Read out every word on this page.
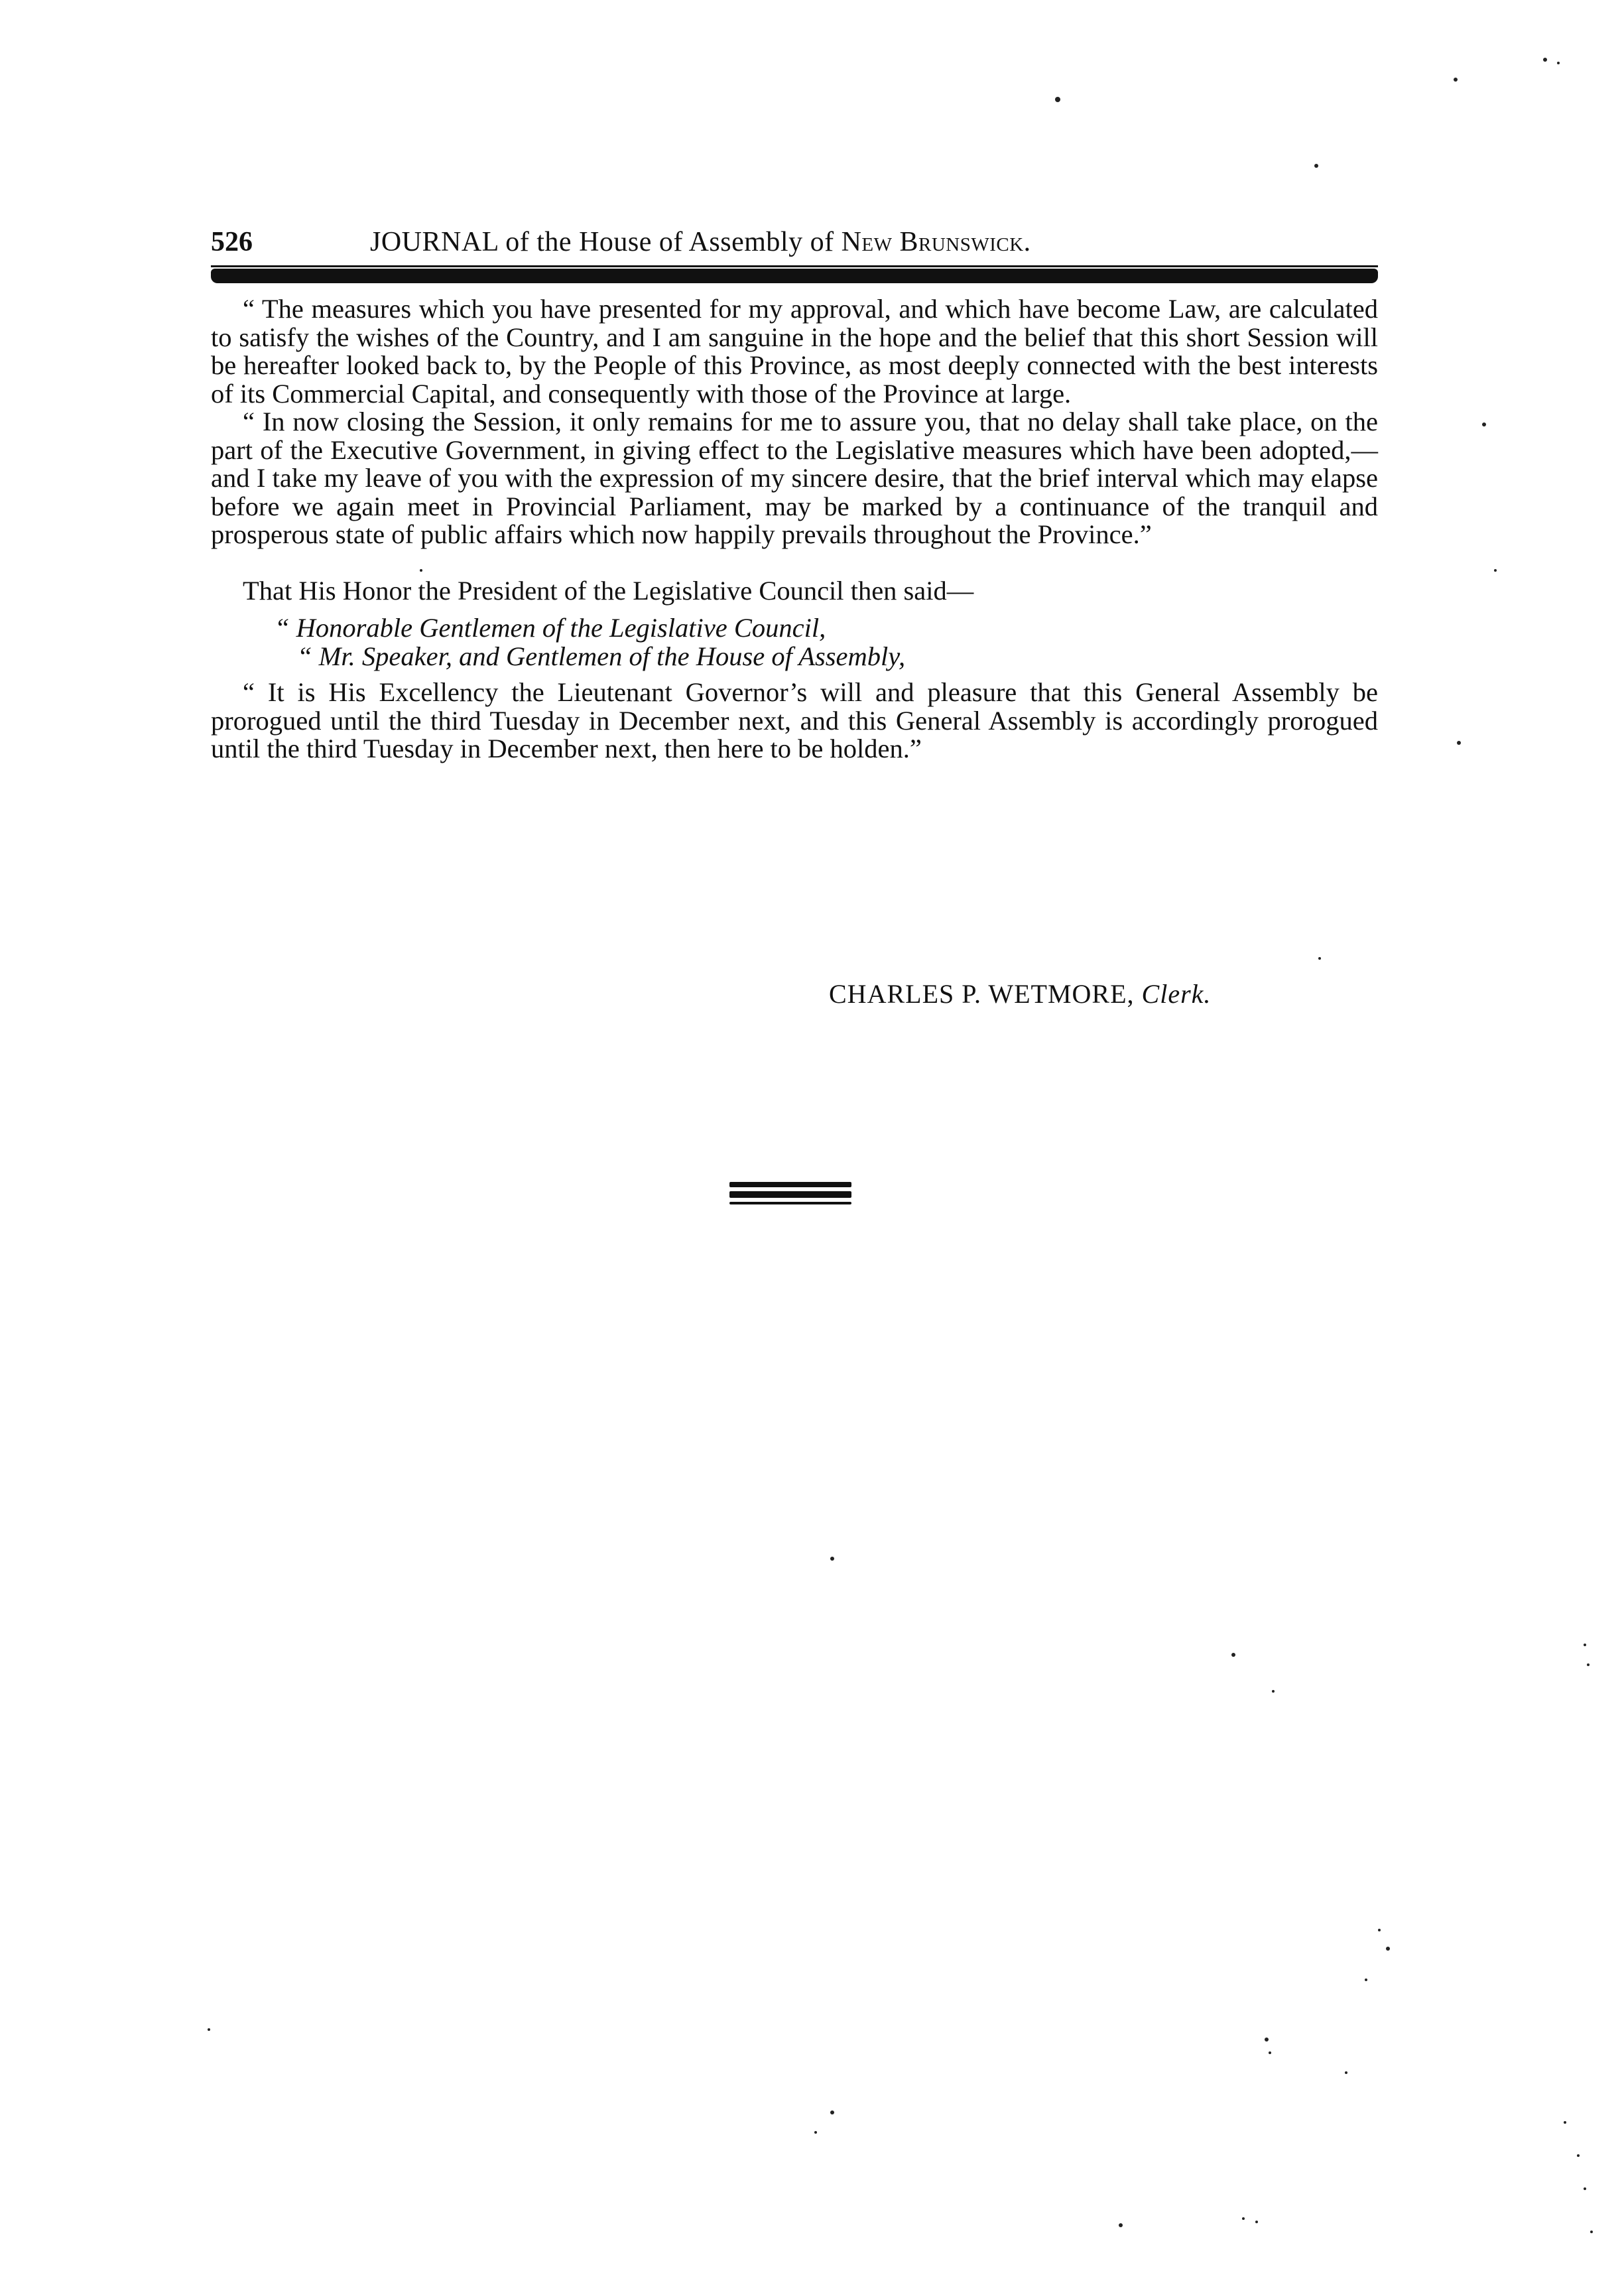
526	JOURNAL of the House of Assembly of New Brunswick.

“ The measures which you have presented for my approval, and which have become Law, are calculated to satisfy the wishes of the Country, and I am sanguine in the hope and the belief that this short Session will be hereafter looked back to, by the People of this Province, as most deeply connected with the best interests of its Commercial Capital, and consequently with those of the Province at large.

“ In now closing the Session, it only remains for me to assure you, that no delay shall take place, on the part of the Executive Government, in giving effect to the Legislative measures which have been adopted,—and I take my leave of you with the expression of my sincere desire, that the brief interval which may elapse before we again meet in Provincial Parliament, may be marked by a continuance of the tranquil and prosperous state of public affairs which now happily prevails throughout the Province.”

That His Honor the President of the Legislative Council then said—

“ Honorable Gentlemen of the Legislative Council,
“ Mr. Speaker, and Gentlemen of the House of Assembly,

“ It is His Excellency the Lieutenant Governor’s will and pleasure that this General Assembly be prorogued until the third Tuesday in December next, and this General Assembly is accordingly prorogued until the third Tuesday in December next, then here to be holden.”

CHARLES P. WETMORE, Clerk.
